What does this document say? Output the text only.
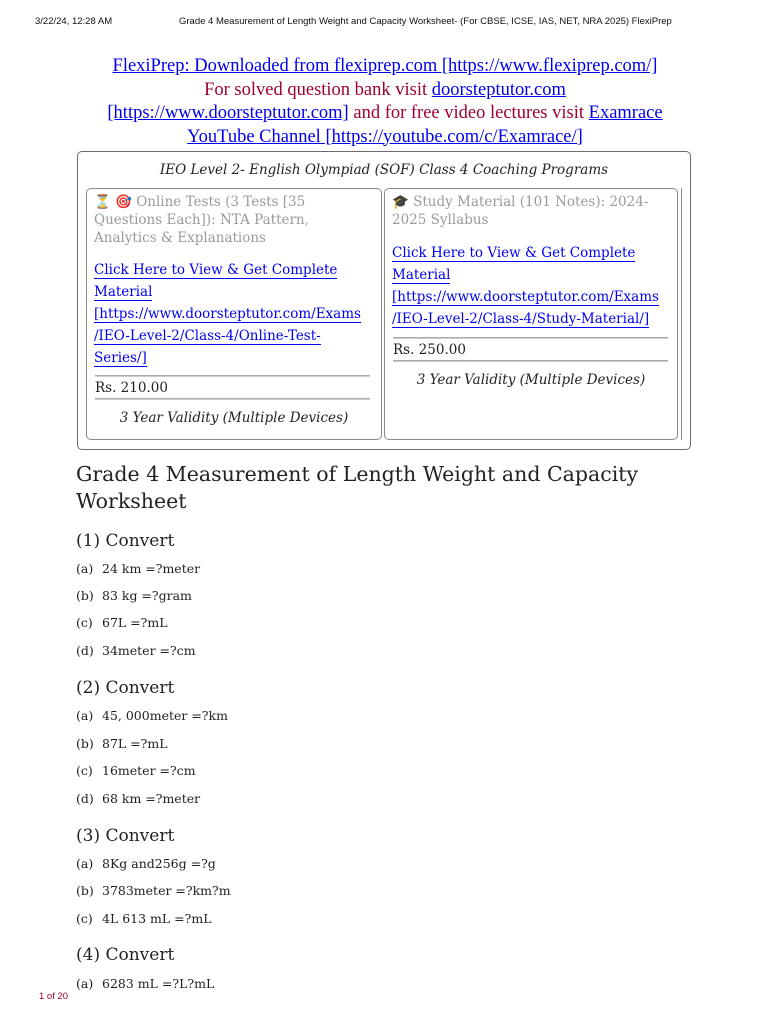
3/22/24, 12:28 AM	Grade 4 Measurement of Length Weight and Capacity Worksheet- (For CBSE, ICSE, IAS, NET, NRA 2025) FlexiPrep
FlexiPrep: Downloaded from flexiprep.com [https://www.flexiprep.com/]
For solved question bank visit doorsteptutor.com
[https://www.doorsteptutor.com] and for free video lectures visit Examrace
YouTube Channel [https://youtube.com/c/Examrace/]
IEO Level 2- English Olympiad (SOF) Class 4 Coaching Programs
⏳ 🎯 Online Tests (3 Tests [35 Questions Each]): NTA Pattern, Analytics & Explanations
Click Here to View & Get Complete
Material
[https://www.doorsteptutor.com/Exams
/IEO-Level-2/Class-4/Online-Test-
Series/]
Rs. 210.00
3 Year Validity (Multiple Devices)
🎓 Study Material (101 Notes): 2024-2025 Syllabus
Click Here to View & Get Complete
Material
[https://www.doorsteptutor.com/Exams
/IEO-Level-2/Class-4/Study-Material/]
Rs. 250.00
3 Year Validity (Multiple Devices)
Grade 4 Measurement of Length Weight and Capacity Worksheet
(1) Convert
(a) 24 km =?meter
(b) 83 kg =?gram
(c) 67L =?mL
(d) 34meter =?cm
(2) Convert
(a) 45, 000meter =?km
(b) 87L =?mL
(c) 16meter =?cm
(d) 68 km =?meter
(3) Convert
(a) 8Kg and256g =?g
(b) 3783meter =?km?m
(c) 4L 613 mL =?mL
(4) Convert
(a) 6283 mL =?L?mL
1 of 20
